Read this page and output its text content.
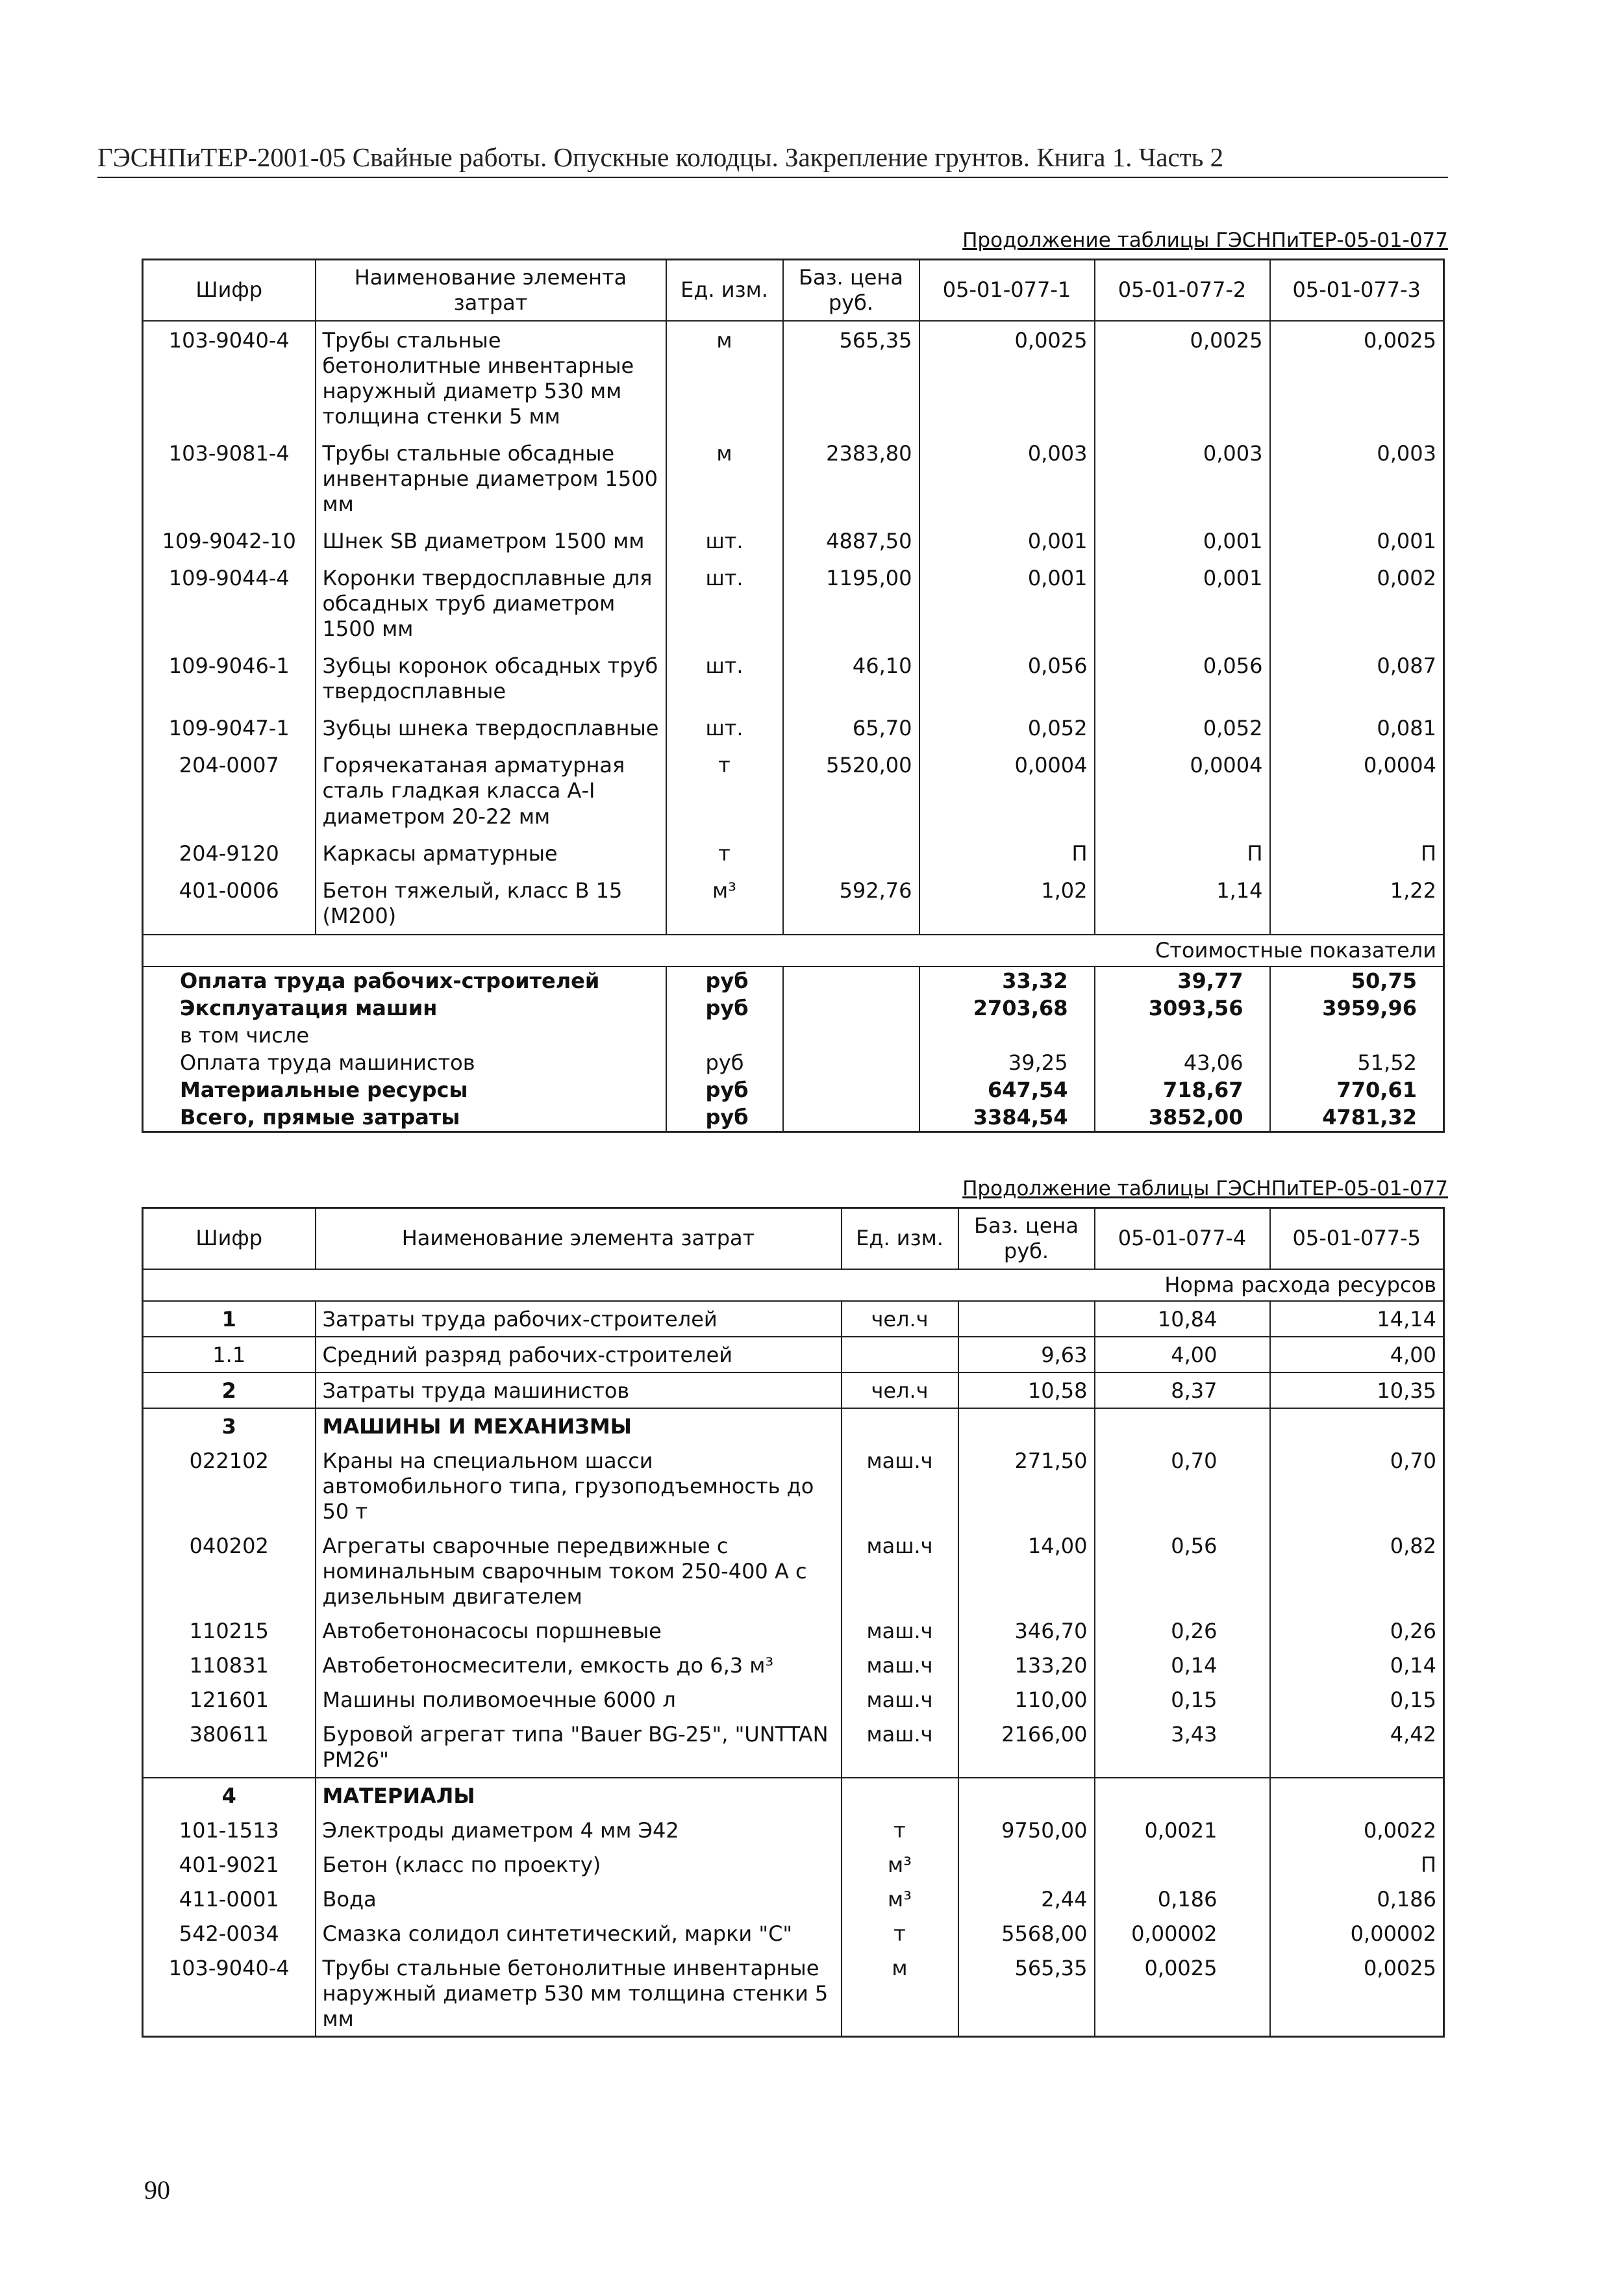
ГЭСНПиТЕР-2001-05 Свайные работы. Опускные колодцы. Закрепление грунтов. Книга 1. Часть 2
Продолжение таблицы ГЭСНПиТЕР-05-01-077
Шифр	Наименование элемента затрат	Ед. изм.	Баз. цена руб.	05-01-077-1	05-01-077-2	05-01-077-3
103-9040-4	Трубы стальные бетонолитные инвентарные наружный диаметр 530 мм толщина стенки 5 мм	м	565,35	0,0025	0,0025	0,0025
103-9081-4	Трубы стальные обсадные инвентарные диаметром 1500 мм	м	2383,80	0,003	0,003	0,003
109-9042-10	Шнек SB диаметром 1500 мм	шт.	4887,50	0,001	0,001	0,001
109-9044-4	Коронки твердосплавные для обсадных труб диаметром 1500 мм	шт.	1195,00	0,001	0,001	0,002
109-9046-1	Зубцы коронок обсадных труб твердосплавные	шт.	46,10	0,056	0,056	0,087
109-9047-1	Зубцы шнека твердосплавные	шт.	65,70	0,052	0,052	0,081
204-0007	Горячекатаная арматурная сталь гладкая класса А-I диаметром 20-22 мм	т	5520,00	0,0004	0,0004	0,0004
204-9120	Каркасы арматурные	т		П	П	П
401-0006	Бетон тяжелый, класс В 15 (М200)	м³	592,76	1,02	1,14	1,22
Стоимостные показатели						
Оплата труда рабочих-строителей		руб		33,32	39,77	50,75
Эксплуатация машин		руб		2703,68	3093,56	3959,96
в том числе						
Оплата труда машинистов		руб		39,25	43,06	51,52
Материальные ресурсы		руб		647,54	718,67	770,61
Всего, прямые затраты		руб		3384,54	3852,00	4781,32
Продолжение таблицы ГЭСНПиТЕР-05-01-077
Шифр	Наименование элемента затрат	Ед. изм.	Баз. цена руб.	05-01-077-4	05-01-077-5
Норма расхода ресурсов					
1	Затраты труда рабочих-строителей	чел.ч		10,84	14,14
1.1	Средний разряд рабочих-строителей		9,63	4,00	4,00
2	Затраты труда машинистов	чел.ч	10,58	8,37	10,35
3	МАШИНЫ И МЕХАНИЗМЫ				
022102	Краны на специальном шасси автомобильного типа, грузоподъемность до 50 т	маш.ч	271,50	0,70	0,70
040202	Агрегаты сварочные передвижные с номинальным сварочным током 250-400 А с дизельным двигателем	маш.ч	14,00	0,56	0,82
110215	Автобетононасосы поршневые	маш.ч	346,70	0,26	0,26
110831	Автобетоносмесители, емкость до 6,3 м³	маш.ч	133,20	0,14	0,14
121601	Машины поливомоечные 6000 л	маш.ч	110,00	0,15	0,15
380611	Буровой агрегат типа "Bauer BG-25", "UNTTAN PM26"	маш.ч	2166,00	3,43	4,42
4	МАТЕРИАЛЫ				
101-1513	Электроды диаметром 4 мм Э42	т	9750,00	0,0021	0,0022
401-9021	Бетон (класс по проекту)	м³			П
411-0001	Вода	м³	2,44	0,186	0,186
542-0034	Смазка солидол синтетический, марки "С"	т	5568,00	0,00002	0,00002
103-9040-4	Трубы стальные бетонолитные инвентарные наружный диаметр 530 мм толщина стенки 5 мм	м	565,35	0,0025	0,0025
90
